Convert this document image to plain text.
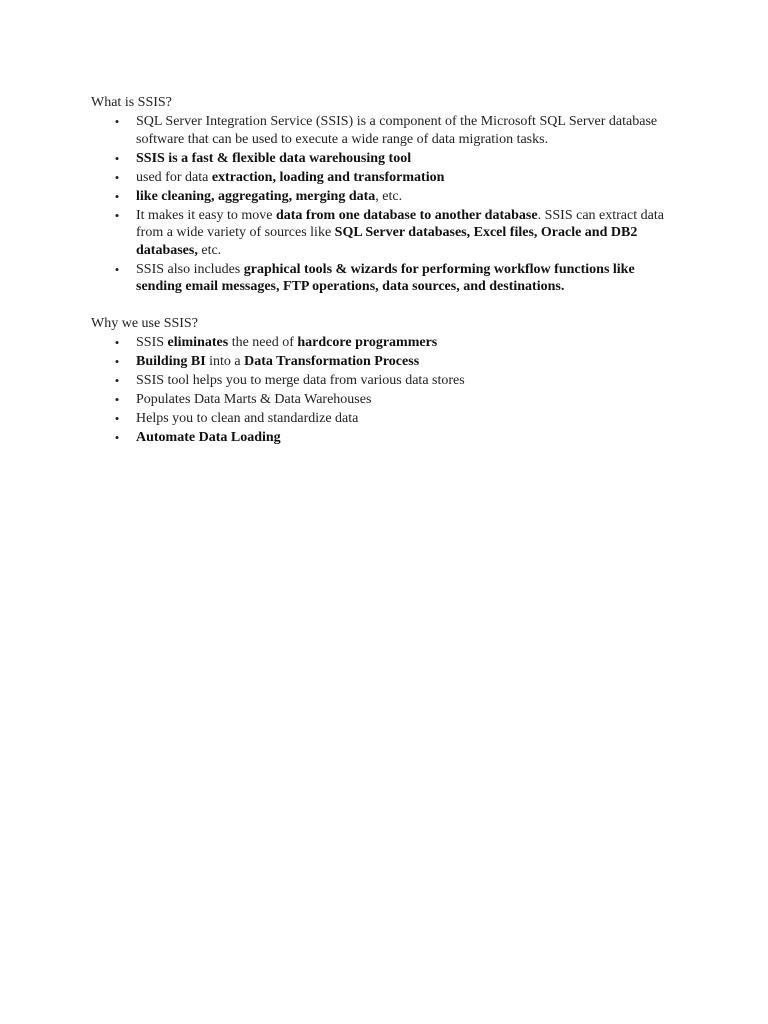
What is SSIS?
• SQL Server Integration Service (SSIS) is a component of the Microsoft SQL Server database software that can be used to execute a wide range of data migration tasks.
• SSIS is a fast & flexible data warehousing tool
• used for data extraction, loading and transformation
• like cleaning, aggregating, merging data, etc.
• It makes it easy to move data from one database to another database. SSIS can extract data from a wide variety of sources like SQL Server databases, Excel files, Oracle and DB2 databases, etc.
• SSIS also includes graphical tools & wizards for performing workflow functions like sending email messages, FTP operations, data sources, and destinations.
Why we use SSIS?
• SSIS eliminates the need of hardcore programmers
• Building BI into a Data Transformation Process
• SSIS tool helps you to merge data from various data stores
• Populates Data Marts & Data Warehouses
• Helps you to clean and standardize data
• Automate Data Loading
